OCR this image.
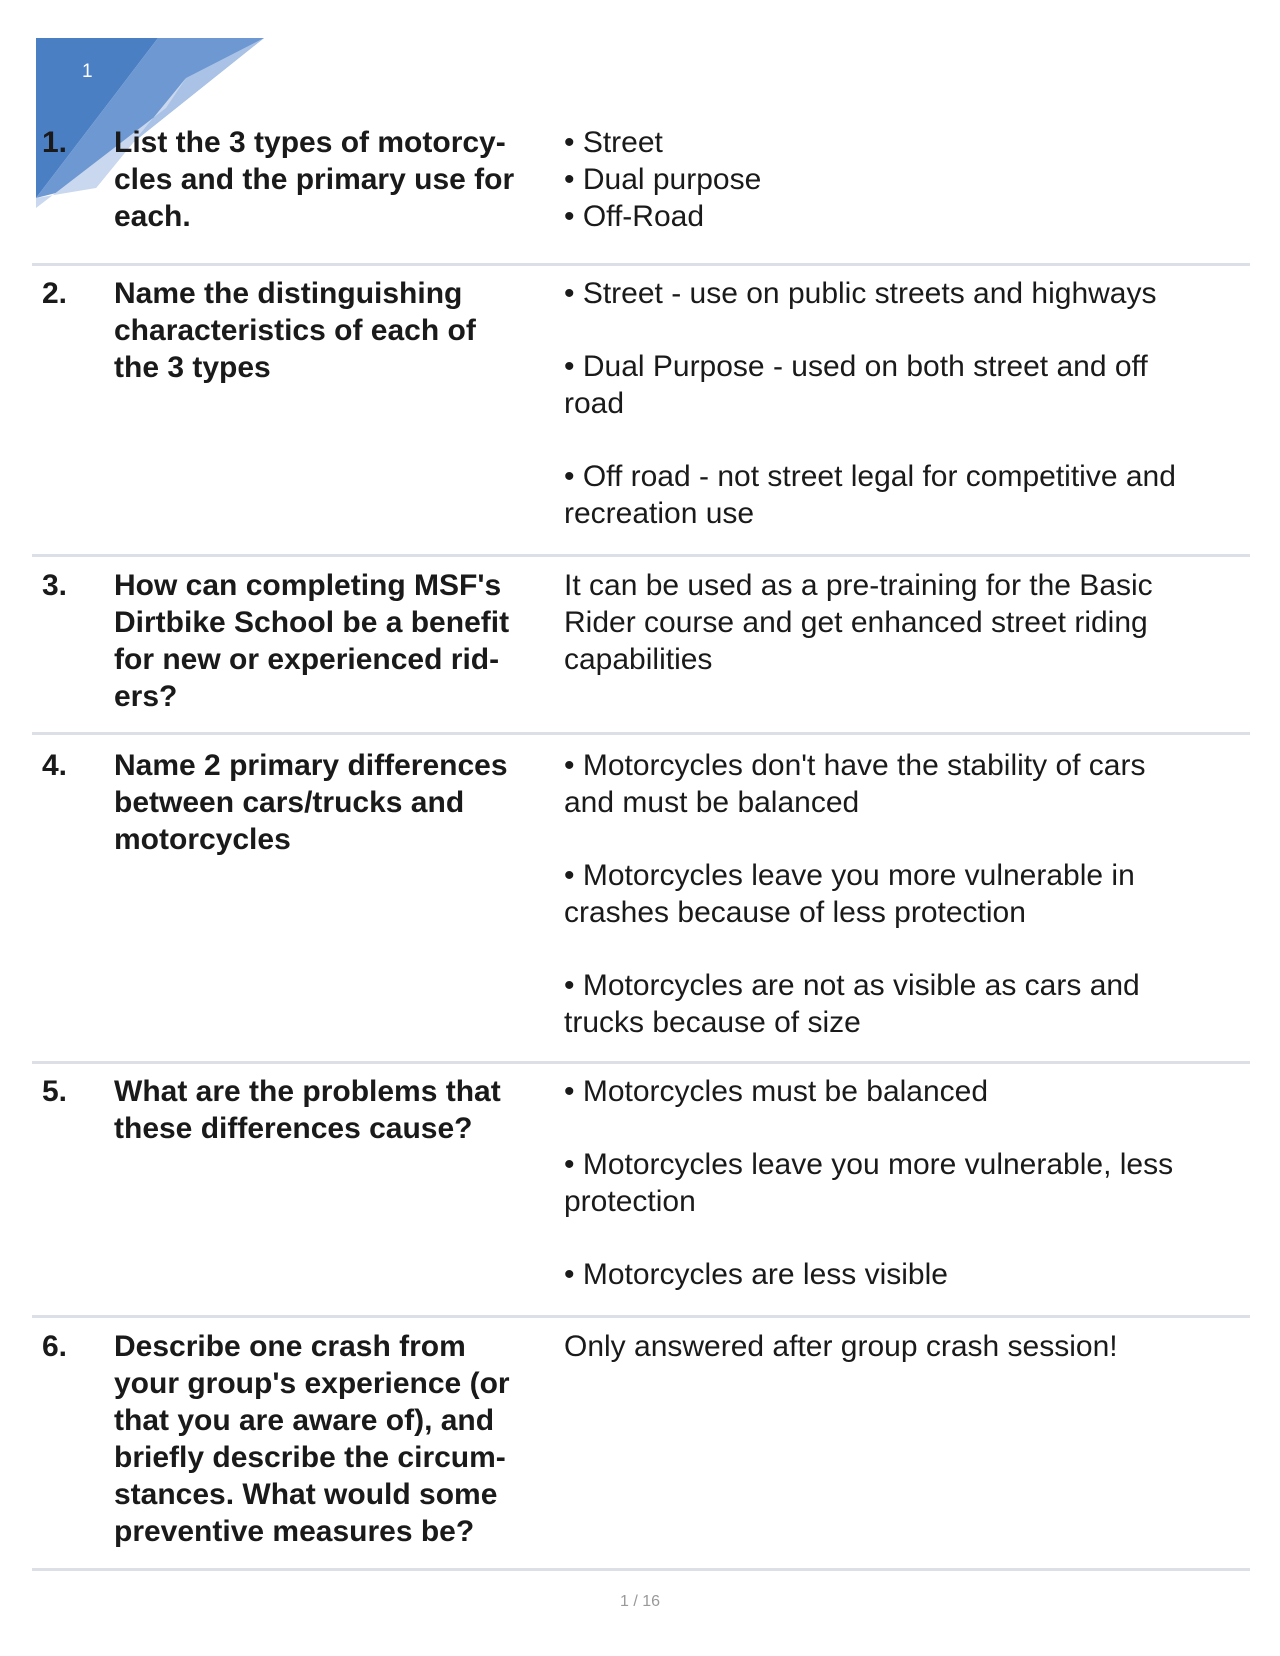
1
1. List the 3 types of motorcy-
cles and the primary use for
each.

• Street

• Dual purpose

• Off-Road

2. Name the distinguishing
characteristics of each of
the 3 types

• Street - use on public streets and highways

• Dual Purpose - used on both street and off

road

• Off road - not street legal for competitive and

recreation use

3. How can completing MSF's
Dirtbike School be a benefit
for new or experienced rid-
ers?

It can be used as a pre-training for the Basic

Rider course and get enhanced street riding

capabilities

4. Name 2 primary differences
between cars/trucks and
motorcycles

• Motorcycles don't have the stability of cars

and must be balanced

• Motorcycles leave you more vulnerable in

crashes because of less protection

• Motorcycles are not as visible as cars and

trucks because of size

5. What are the problems that
these differences cause?

• Motorcycles must be balanced

• Motorcycles leave you more vulnerable, less

protection

• Motorcycles are less visible

6. Describe one crash from
your group's experience (or
that you are aware of), and
briefly describe the circum-
stances. What would some
preventive measures be?

Only answered after group crash session!

1 / 16
